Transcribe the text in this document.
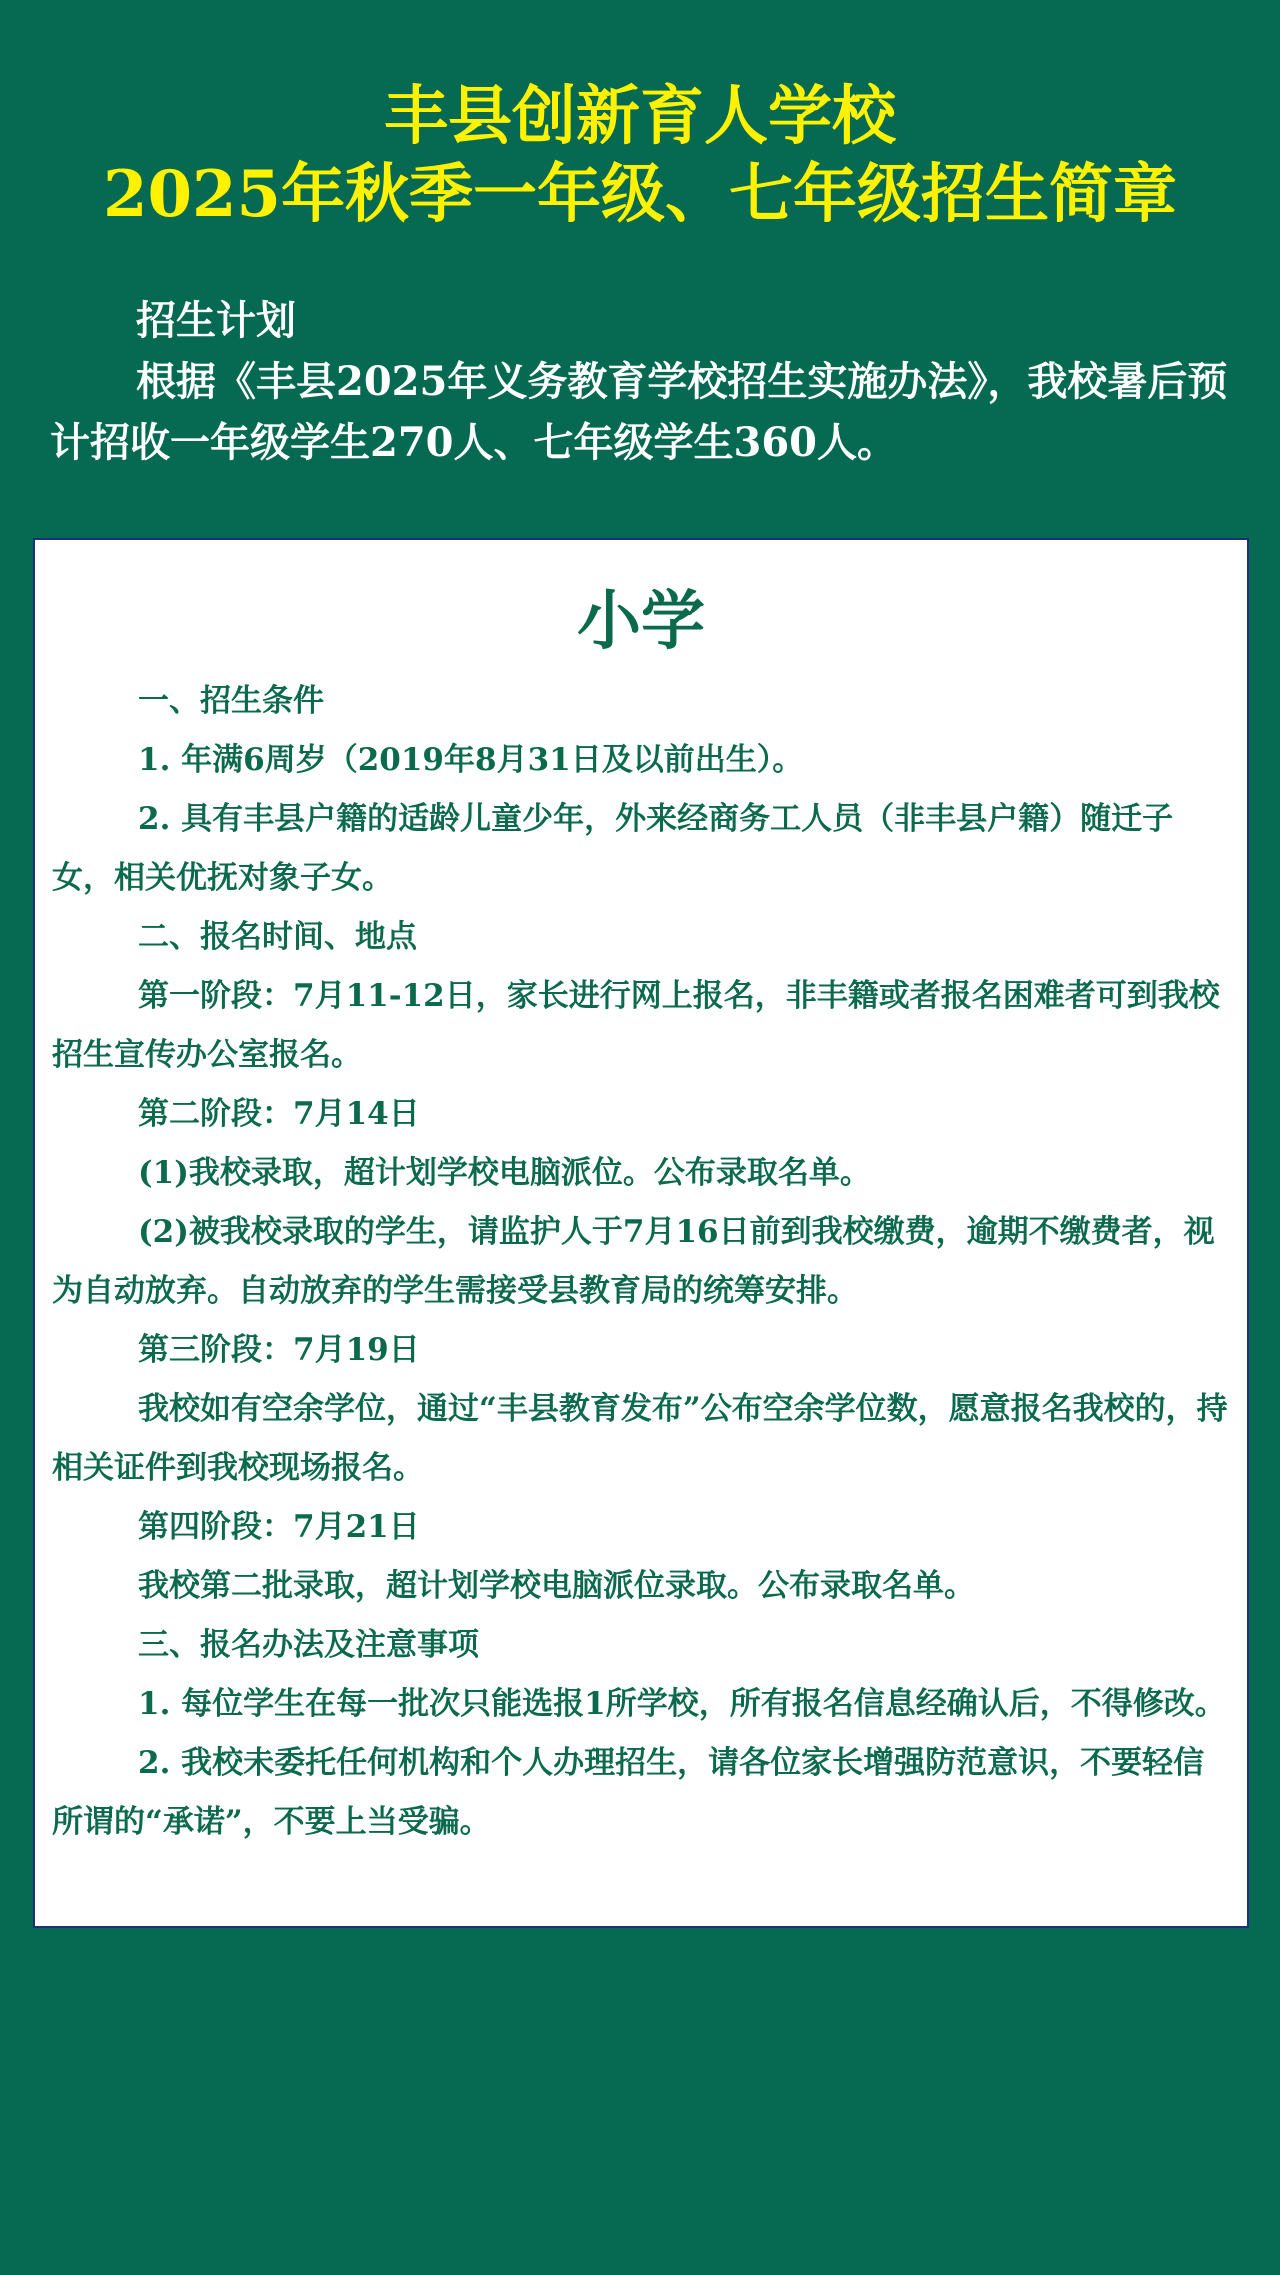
丰县创新育人学校
2025年秋季一年级、七年级招生简章

招生计划

根据《丰县2025年义务教育学校招生实施办法》，我校暑后预计招收一年级学生270人、七年级学生360人。

小学

一、招生条件

1. 年满6周岁（2019年8月31日及以前出生）。

2. 具有丰县户籍的适龄儿童少年，外来经商务工人员（非丰县户籍）随迁子女，相关优抚对象子女。

二、报名时间、地点

第一阶段：7月11-12日，家长进行网上报名，非丰籍或者报名困难者可到我校招生宣传办公室报名。

第二阶段：7月14日

(1)我校录取，超计划学校电脑派位。公布录取名单。

(2)被我校录取的学生，请监护人于7月16日前到我校缴费，逾期不缴费者，视为自动放弃。自动放弃的学生需接受县教育局的统筹安排。

第三阶段：7月19日

我校如有空余学位，通过“丰县教育发布”公布空余学位数，愿意报名我校的，持相关证件到我校现场报名。

第四阶段：7月21日

我校第二批录取，超计划学校电脑派位录取。公布录取名单。

三、报名办法及注意事项

1. 每位学生在每一批次只能选报1所学校，所有报名信息经确认后，不得修改。

2. 我校未委托任何机构和个人办理招生，请各位家长增强防范意识，不要轻信所谓的“承诺”，不要上当受骗。
